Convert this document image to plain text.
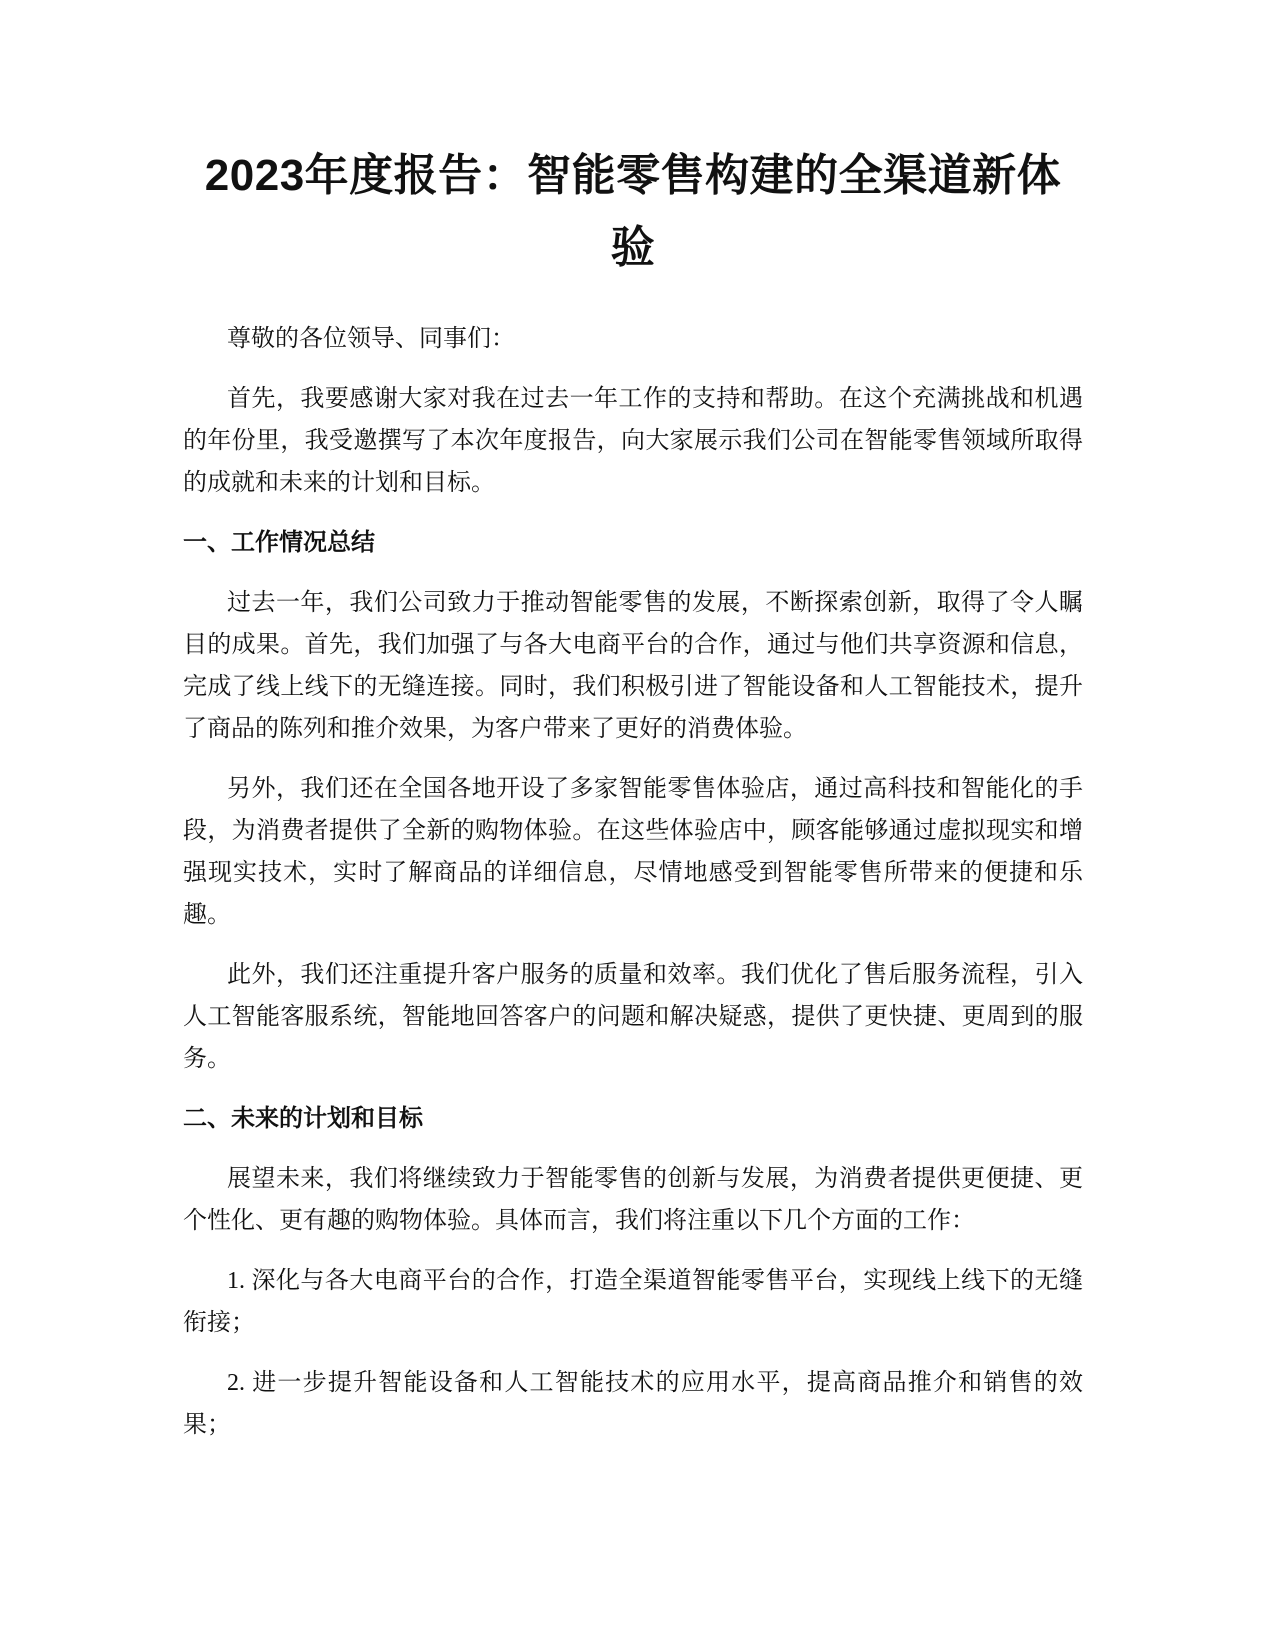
2023年度报告：智能零售构建的全渠道新体验

尊敬的各位领导、同事们：

首先，我要感谢大家对我在过去一年工作的支持和帮助。在这个充满挑战和机遇的年份里，我受邀撰写了本次年度报告，向大家展示我们公司在智能零售领域所取得的成就和未来的计划和目标。

一、工作情况总结

过去一年，我们公司致力于推动智能零售的发展，不断探索创新，取得了令人瞩目的成果。首先，我们加强了与各大电商平台的合作，通过与他们共享资源和信息，完成了线上线下的无缝连接。同时，我们积极引进了智能设备和人工智能技术，提升了商品的陈列和推介效果，为客户带来了更好的消费体验。

另外，我们还在全国各地开设了多家智能零售体验店，通过高科技和智能化的手段，为消费者提供了全新的购物体验。在这些体验店中，顾客能够通过虚拟现实和增强现实技术，实时了解商品的详细信息，尽情地感受到智能零售所带来的便捷和乐趣。

此外，我们还注重提升客户服务的质量和效率。我们优化了售后服务流程，引入人工智能客服系统，智能地回答客户的问题和解决疑惑，提供了更快捷、更周到的服务。

二、未来的计划和目标

展望未来，我们将继续致力于智能零售的创新与发展，为消费者提供更便捷、更个性化、更有趣的购物体验。具体而言，我们将注重以下几个方面的工作：

1. 深化与各大电商平台的合作，打造全渠道智能零售平台，实现线上线下的无缝衔接；

2. 进一步提升智能设备和人工智能技术的应用水平，提高商品推介和销售的效果；
